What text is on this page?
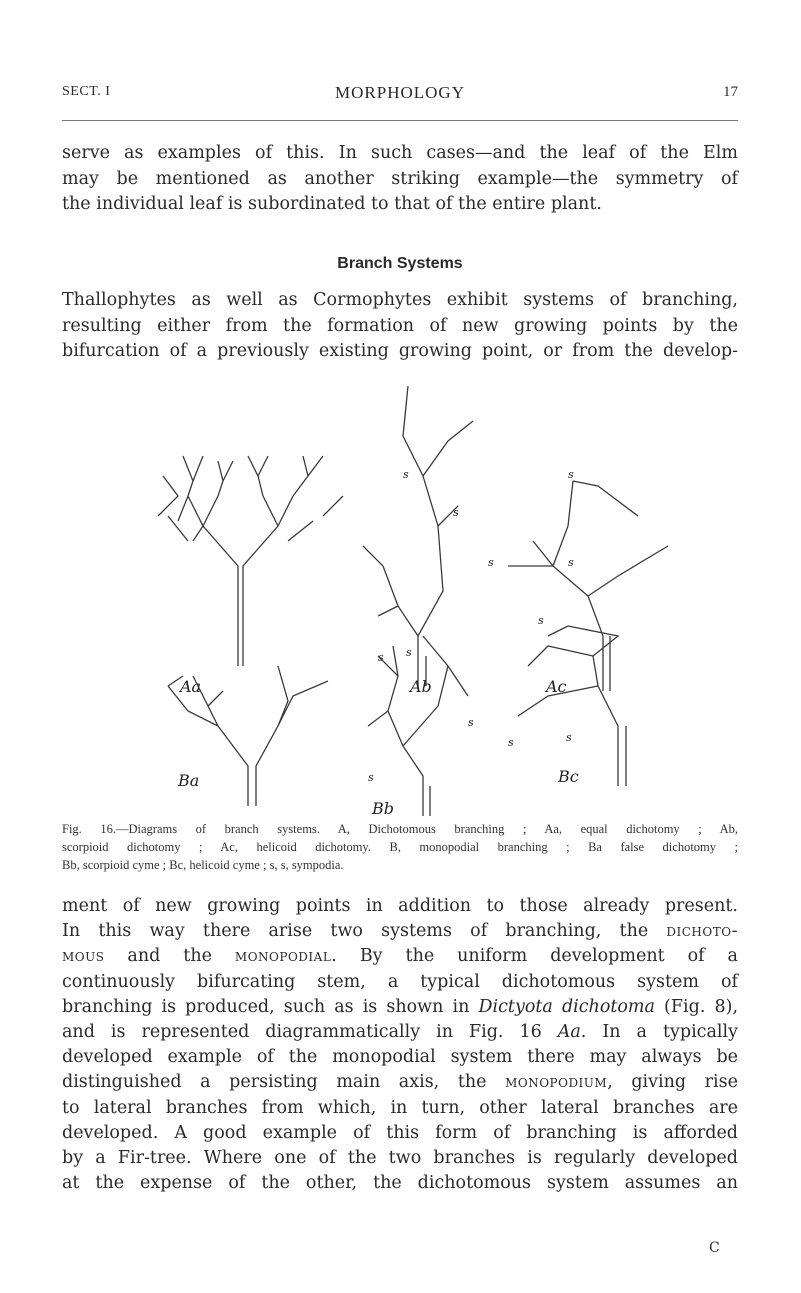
SECT. I	MORPHOLOGY	17
serve as examples of this. In such cases—and the leaf of the Elm
may be mentioned as another striking example—the symmetry of
the individual leaf is subordinated to that of the entire plant.
Branch Systems
Thallophytes as well as Cormophytes exhibit systems of branching,
resulting either from the formation of new growing points by the
bifurcation of a previously existing growing point, or from the develop-
Aa
s
s
s
Ab
s
s	s
Ac
Ba
s
s
s
Bb
s
s	s
Bc
Fig. 16.—Diagrams of branch systems. A, Dichotomous branching ; Aa, equal dichotomy ; Ab,
scorpioid dichotomy ; Ac, helicoid dichotomy. B, monopodial branching ; Ba false dichotomy ;
Bb, scorpioid cyme ; Bc, helicoid cyme ; s, s, sympodia.
ment of new growing points in addition to those already present.
In this way there arise two systems of branching, the dichoto-
mous and the monopodial. By the uniform development of a
continuously bifurcating stem, a typical dichotomous system of
branching is produced, such as is shown in Dictyota dichotoma (Fig. 8),
and is represented diagrammatically in Fig. 16 Aa. In a typically
developed example of the monopodial system there may always be
distinguished a persisting main axis, the monopodium, giving rise
to lateral branches from which, in turn, other lateral branches are
developed. A good example of this form of branching is afforded
by a Fir-tree. Where one of the two branches is regularly developed
at the expense of the other, the dichotomous system assumes an
C
